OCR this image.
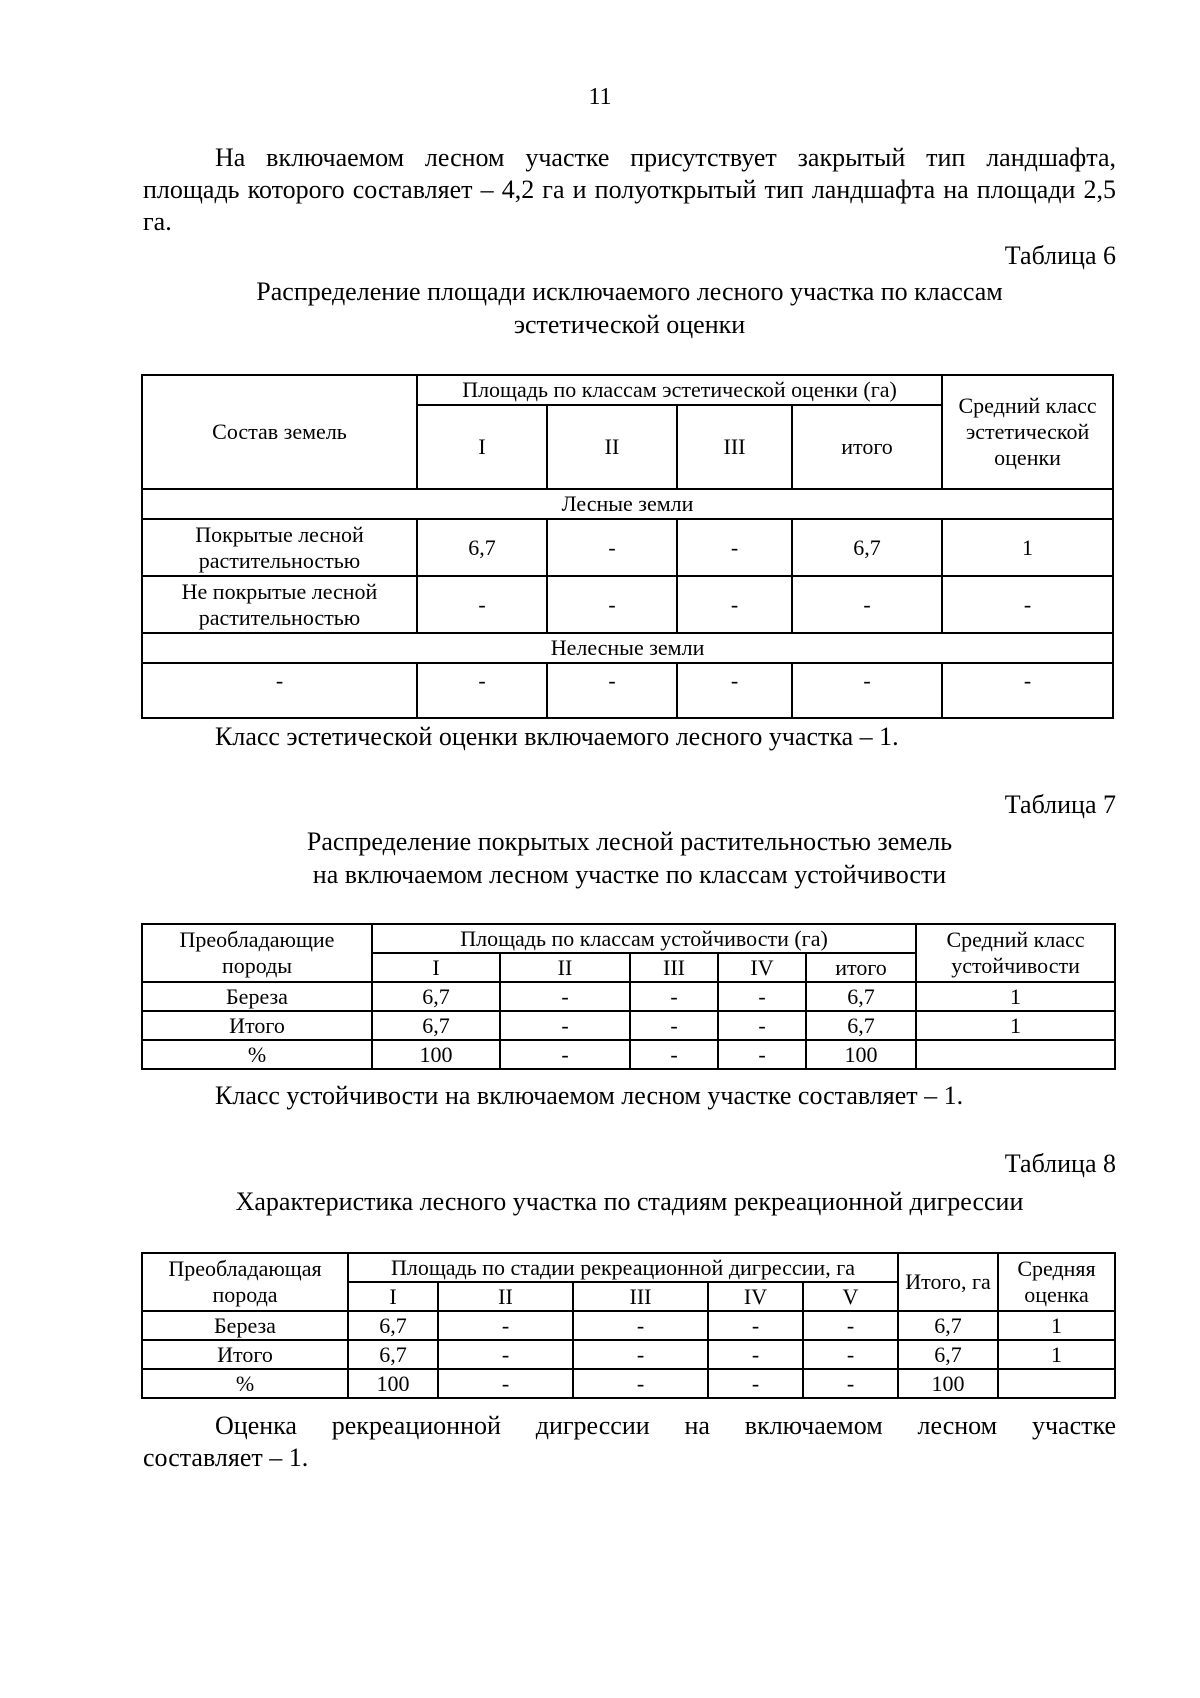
11
На включаемом лесном участке присутствует закрытый тип ландшафта, площадь которого составляет – 4,2 га и полуоткрытый тип ландшафта на площади 2,5 га.
Таблица 6
Распределение площади исключаемого лесного участка по классам
эстетической оценки
Состав земель	Площадь по классам эстетической оценки (га)				Средний класс эстетической оценки
	I	II	III	итого	
Лесные земли					
Покрытые лесной растительностью	6,7	-	-	6,7	1
Не покрытые лесной растительностью	-	-	-	-	-
Нелесные земли					
-	-	-	-	-	-
Класс эстетической оценки включаемого лесного участка – 1.
Таблица 7
Распределение покрытых лесной растительностью земель
на включаемом лесном участке по классам устойчивости
Преобладающие породы	Площадь по классам устойчивости (га)					Средний класс устойчивости
	I	II	III	IV	итого	
Береза	6,7	-	-	-	6,7	1
Итого	6,7	-	-	-	6,7	1
%	100	-	-	-	100	
Класс устойчивости на включаемом лесном участке составляет – 1.
Таблица 8
Характеристика лесного участка по стадиям рекреационной дигрессии
Преобладающая порода	Площадь по стадии рекреационной дигрессии, га					Итого, га	Средняя оценка
	I	II	III	IV	V		
Береза	6,7	-	-	-	-	6,7	1
Итого	6,7	-	-	-	-	6,7	1
%	100	-	-	-	-	100	
Оценка рекреационной дигрессии на включаемом лесном участке
составляет – 1.
